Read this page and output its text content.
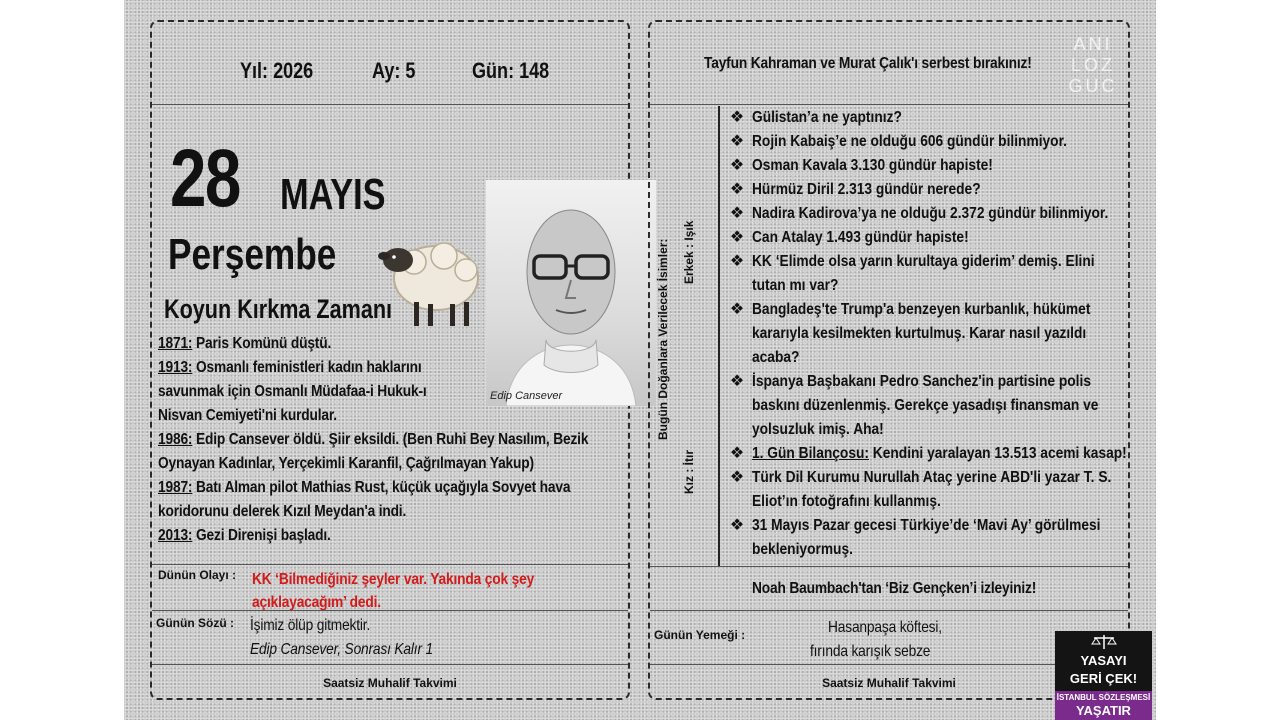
Yıl: 2026	Ay: 5	Gün: 148
28 MAYIS
Perşembe
Edip Cansever
Koyun Kırkma Zamanı
1871: Paris Komünü düştü.
1913: Osmanlı feministleri kadın haklarını
savunmak için Osmanlı Müdafaa-i Hukuk-ı
Nisvan Cemiyeti'ni kurdular.
1986: Edip Cansever öldü. Şiir eksildi. (Ben Ruhi Bey Nasılım, Bezik
Oynayan Kadınlar, Yerçekimli Karanfil, Çağrılmayan Yakup)
1987: Batı Alman pilot Mathias Rust, küçük uçağıyla Sovyet hava
koridorunu delerek Kızıl Meydan'a indi.
2013: Gezi Direnişi başladı.
Dünün Olayı : KK ‘Bilmediğiniz şeyler var. Yakında çok şey
açıklayacağım’ dedi.
Günün Sözü : İşimiz ölüp gitmektir.
Edip Cansever, Sonrası Kalır 1
Saatsiz Muhalif Takvimi
Tayfun Kahraman ve Murat Çalık'ı serbest bırakınız!
ANI
LOZ
GUC
Bugün Doğanlara Verilecek İsimler: Erkek : Işık
Kız : İtır
❖ Gülistan’a ne yaptınız?
❖ Rojin Kabaiş’e ne olduğu 606 gündür bilinmiyor.
❖ Osman Kavala 3.130 gündür hapiste!
❖ Hürmüz Diril 2.313 gündür nerede?
❖ Nadira Kadirova’ya ne olduğu 2.372 gündür bilinmiyor.
❖ Can Atalay 1.493 gündür hapiste!
❖ KK ‘Elimde olsa yarın kurultaya giderim’ demiş. Elini
tutan mı var?
❖ Bangladeş'te Trump'a benzeyen kurbanlık, hükümet
kararıyla kesilmekten kurtulmuş. Karar nasıl yazıldı
acaba?
❖ İspanya Başbakanı Pedro Sanchez'in partisine polis
baskını düzenlenmiş. Gerekçe yasadışı finansman ve
yolsuzluk imiş. Aha!
❖ 1. Gün Bilançosu: Kendini yaralayan 13.513 acemi kasap!
❖ Türk Dil Kurumu Nurullah Ataç yerine ABD'li yazar T. S.
Eliot’ın fotoğrafını kullanmış.
❖ 31 Mayıs Pazar gecesi Türkiye’de ‘Mavi Ay’ görülmesi
bekleniyormuş.
Noah Baumbach'tan ‘Biz Gençken’i izleyiniz!
Günün Yemeği :	Hasanpaşa köftesi,
fırında karışık sebze
Saatsiz Muhalif Takvimi
YASAYI
GERİ ÇEK!
İSTANBUL SÖZLEŞMESİ
YAŞATIR
